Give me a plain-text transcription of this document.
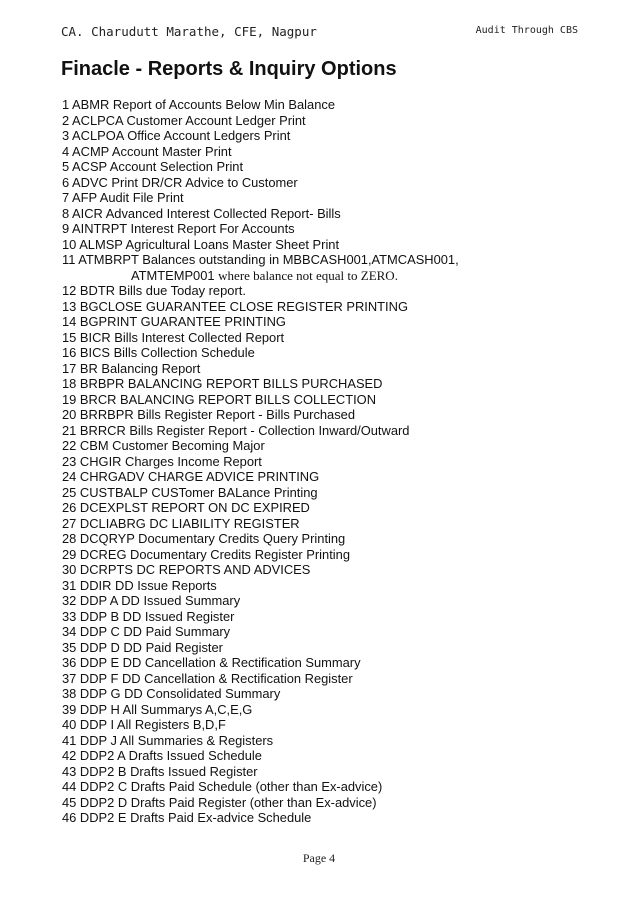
CA. Charudutt Marathe, CFE, Nagpur	Audit Through CBS
Finacle - Reports & Inquiry Options
1 ABMR Report of Accounts Below Min Balance
2 ACLPCA Customer Account Ledger Print
3 ACLPOA Office Account Ledgers Print
4 ACMP Account Master Print
5 ACSP Account Selection Print
6 ADVC Print DR/CR Advice to Customer
7 AFP Audit File Print
8 AICR Advanced Interest Collected Report- Bills
9 AINTRPT Interest Report For Accounts
10 ALMSP Agricultural Loans Master Sheet Print
11 ATMBRPT Balances outstanding in MBBCASH001,ATMCASH001,
ATMTEMP001 where balance not equal to ZERO.
12 BDTR Bills due Today report.
13 BGCLOSE GUARANTEE CLOSE REGISTER PRINTING
14 BGPRINT GUARANTEE PRINTING
15 BICR Bills Interest Collected Report
16 BICS Bills Collection Schedule
17 BR Balancing Report
18 BRBPR BALANCING REPORT BILLS PURCHASED
19 BRCR BALANCING REPORT BILLS COLLECTION
20 BRRBPR Bills Register Report - Bills Purchased
21 BRRCR Bills Register Report - Collection Inward/Outward
22 CBM Customer Becoming Major
23 CHGIR Charges Income Report
24 CHRGADV CHARGE ADVICE PRINTING
25 CUSTBALP CUSTomer BALance Printing
26 DCEXPLST REPORT ON DC EXPIRED
27 DCLIABRG DC LIABILITY REGISTER
28 DCQRYP Documentary Credits Query Printing
29 DCREG Documentary Credits Register Printing
30 DCRPTS DC REPORTS AND ADVICES
31 DDIR DD Issue Reports
32 DDP A DD Issued Summary
33 DDP B DD Issued Register
34 DDP C DD Paid Summary
35 DDP D DD Paid Register
36 DDP E DD Cancellation & Rectification Summary
37 DDP F DD Cancellation & Rectification Register
38 DDP G DD Consolidated Summary
39 DDP H All Summarys A,C,E,G
40 DDP I All Registers B,D,F
41 DDP J All Summaries & Registers
42 DDP2 A Drafts Issued Schedule
43 DDP2 B Drafts Issued Register
44 DDP2 C Drafts Paid Schedule (other than Ex-advice)
45 DDP2 D Drafts Paid Register (other than Ex-advice)
46 DDP2 E Drafts Paid Ex-advice Schedule
Page 4
